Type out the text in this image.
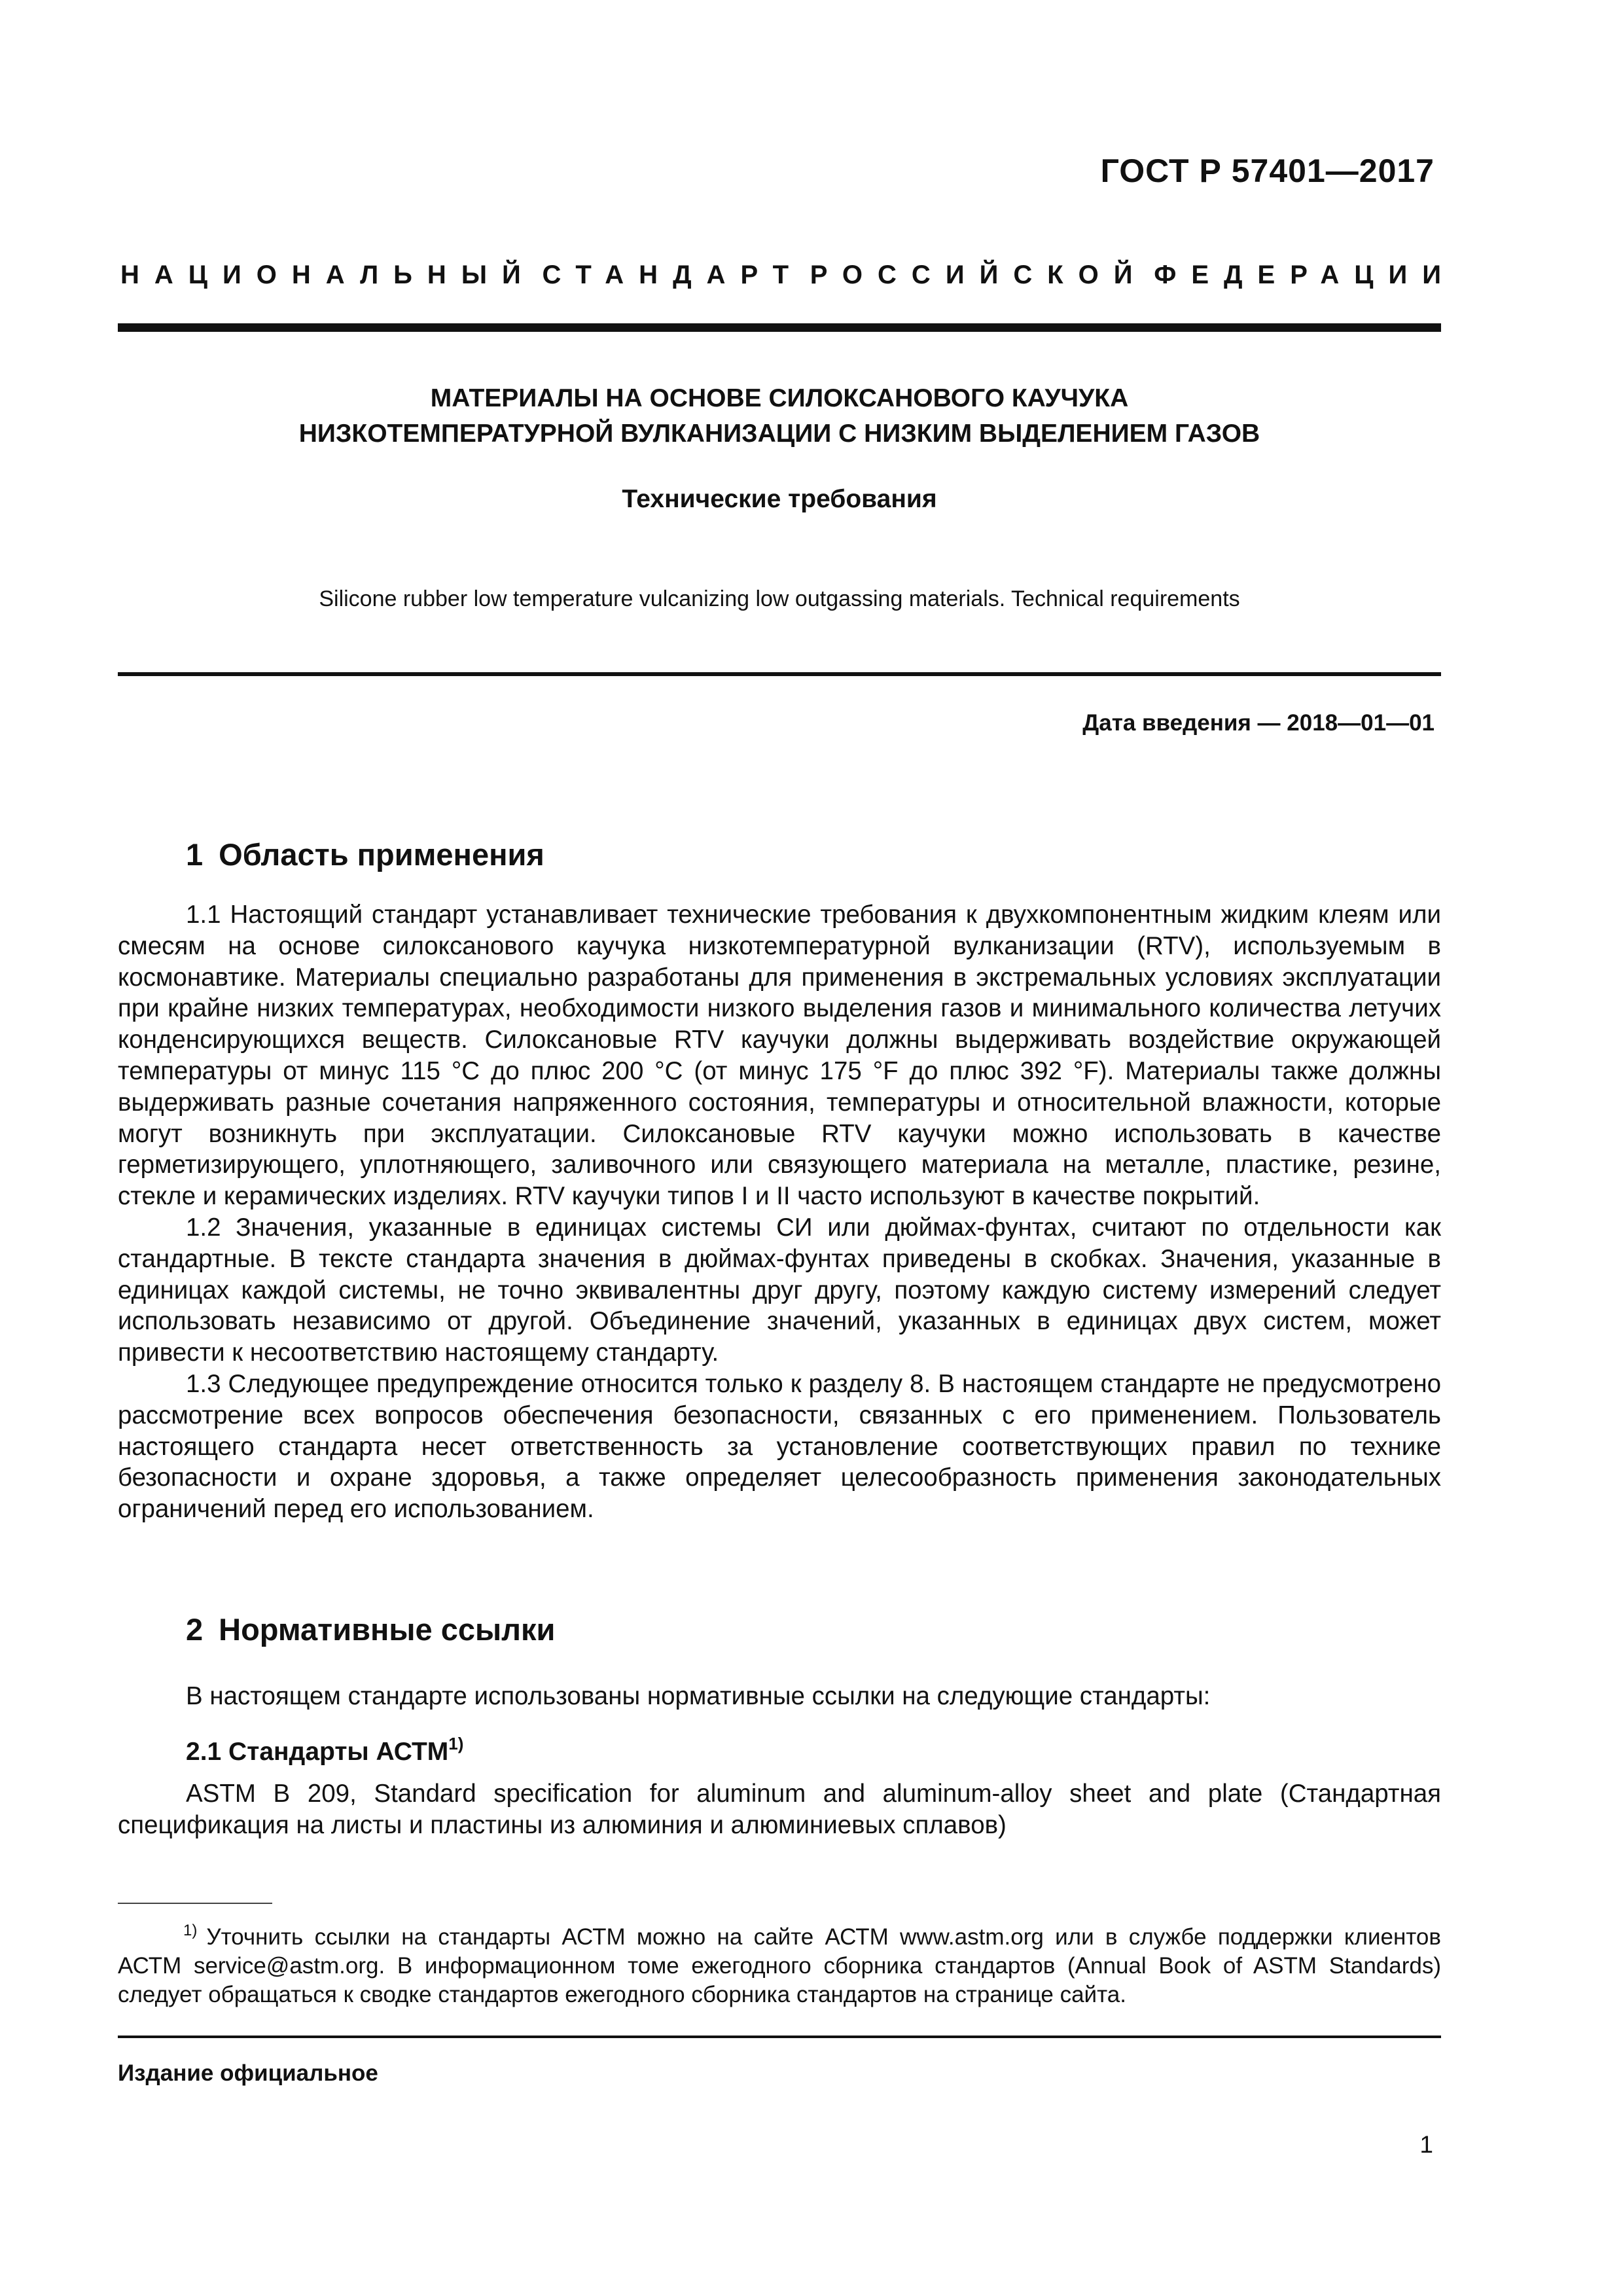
ГОСТ Р 57401—2017
НАЦИОНАЛЬНЫЙ СТАНДАРТ РОССИЙСКОЙ ФЕДЕРАЦИИ
МАТЕРИАЛЫ НА ОСНОВЕ СИЛОКСАНОВОГО КАУЧУКА
НИЗКОТЕМПЕРАТУРНОЙ ВУЛКАНИЗАЦИИ С НИЗКИМ ВЫДЕЛЕНИЕМ ГАЗОВ
Технические требования
Silicone rubber low temperature vulcanizing low outgassing materials. Technical requirements
Дата введения — 2018—01—01
1 Область применения

1.1 Настоящий стандарт устанавливает технические требования к двухкомпонентным жидким клеям или смесям на основе силоксанового каучука низкотемпературной вулканизации (RTV), используемым в космонавтике. Материалы специально разработаны для применения в экстремальных условиях эксплуатации при крайне низких температурах, необходимости низкого выделения газов и минимального количества летучих конденсирующихся веществ. Силоксановые RTV каучуки должны выдерживать воздействие окружающей температуры от минус 115 °С до плюс 200 °С (от минус 175 °F до плюс 392 °F). Материалы также должны выдерживать разные сочетания напряженного состояния, температуры и относительной влажности, которые могут возникнуть при эксплуатации. Силоксановые RTV каучуки можно использовать в качестве герметизирующего, уплотняющего, заливочного или связующего материала на металле, пластике, резине, стекле и керамических изделиях. RTV каучуки типов I и II часто используют в качестве покрытий.

1.2 Значения, указанные в единицах системы СИ или дюймах-фунтах, считают по отдельности как стандартные. В тексте стандарта значения в дюймах-фунтах приведены в скобках. Значения, указанные в единицах каждой системы, не точно эквивалентны друг другу, поэтому каждую систему измерений следует использовать независимо от другой. Объединение значений, указанных в единицах двух систем, может привести к несоответствию настоящему стандарту.

1.3 Следующее предупреждение относится только к разделу 8. В настоящем стандарте не предусмотрено рассмотрение всех вопросов обеспечения безопасности, связанных с его применением. Пользователь настоящего стандарта несет ответственность за установление соответствующих правил по технике безопасности и охране здоровья, а также определяет целесообразность применения законодательных ограничений перед его использованием.

2 Нормативные ссылки

В настоящем стандарте использованы нормативные ссылки на следующие стандарты:

2.1 Стандарты АСТМ$^{1)}$

ASTM B 209, Standard specification for aluminum and aluminum-alloy sheet and plate (Стандартная спецификация на листы и пластины из алюминия и алюминиевых сплавов)

$^{1)}$ Уточнить ссылки на стандарты АСТМ можно на сайте АСТМ www.astm.org или в службе поддержки клиентов АСТМ service@astm.org. В информационном томе ежегодного сборника стандартов (Annual Book of ASTM Standards) следует обращаться к сводке стандартов ежегодного сборника стандартов на странице сайта.

Издание официальное
1
